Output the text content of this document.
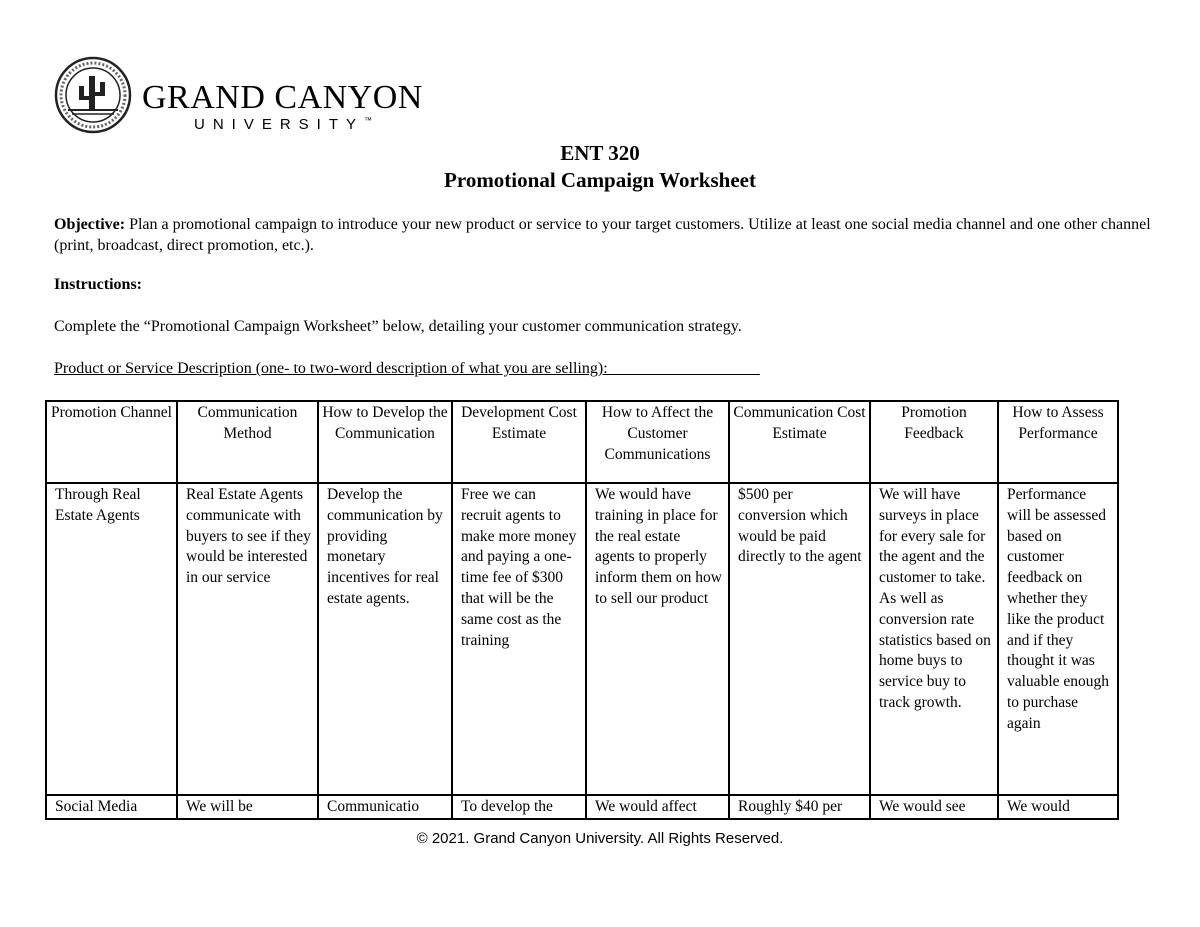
GRAND CANYON
UNIVERSITY™
ENT 320
Promotional Campaign Worksheet
Objective: Plan a promotional campaign to introduce your new product or service to your target customers. Utilize at least one social media channel and one other channel (print, broadcast, direct promotion, etc.).
Instructions:
Complete the “Promotional Campaign Worksheet” below, detailing your customer communication strategy.
Product or Service Description (one- to two-word description of what you are selling):  __________________
Promotion Channel	Communication Method	How to Develop the Communication	Development Cost Estimate	How to Affect the Customer Communications	Communication Cost Estimate	Promotion Feedback	How to Assess Performance
Through Real Estate Agents	Real Estate Agents communicate with buyers to see if they would be interested in our service	Develop the communication by providing monetary incentives for real estate agents.	Free we can recruit agents to make more money and paying a one-time fee of $300 that will be the same cost as the training	We would have training in place for the real estate agents to properly inform them on how to sell our product	$500 per conversion which would be paid directly to the agent	We will have surveys in place for every sale for the agent and the customer to take. As well as conversion rate statistics based on home buys to service buy to track growth.	Performance will be assessed based on customer feedback on whether they like the product and if they thought it was valuable enough to purchase again
Social Media	We will be	Communicatio	To develop the	We would affect	Roughly $40 per	We would see	We would
© 2021. Grand Canyon University. All Rights Reserved.
